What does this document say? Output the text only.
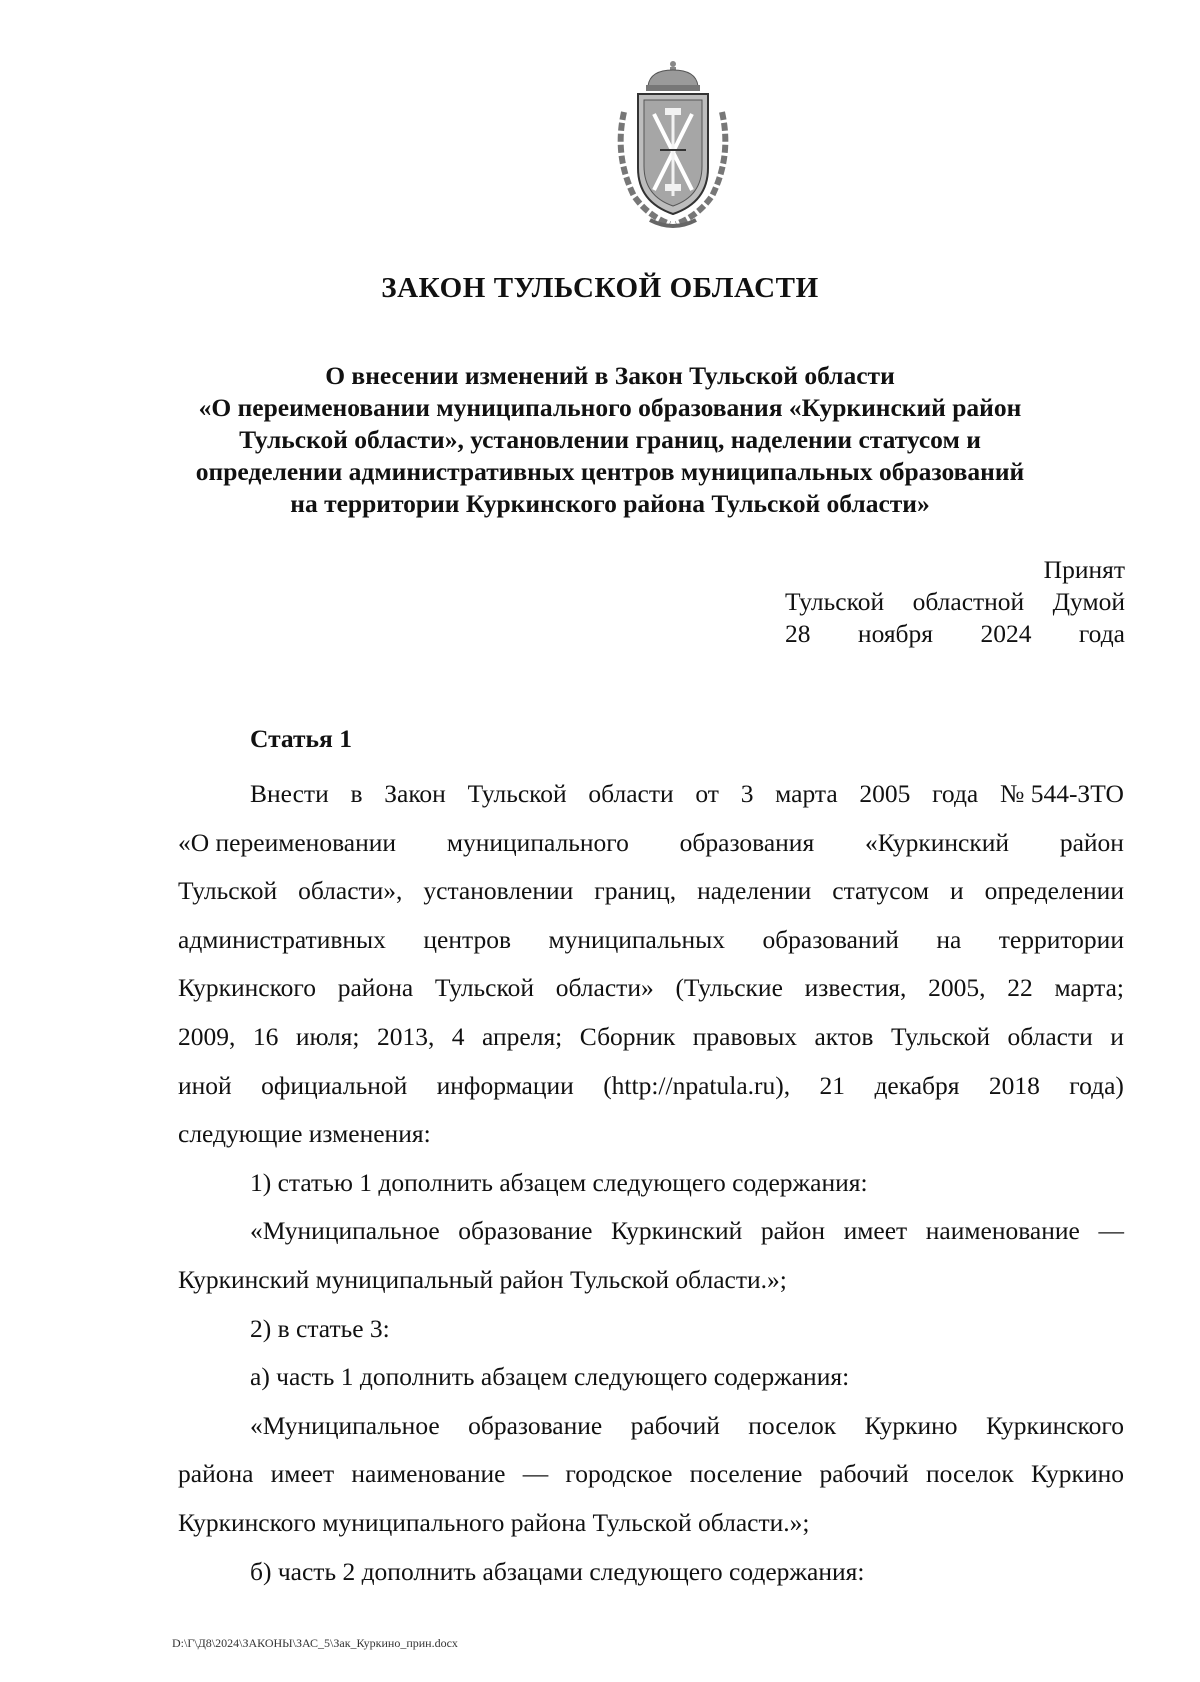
ЗАКОН ТУЛЬСКОЙ ОБЛАСТИ
О внесении изменений в Закон Тульской области
«О переименовании муниципального образования «Куркинский район
Тульской области», установлении границ, наделении статусом и
определении административных центров муниципальных образований
на территории Куркинского района Тульской области»
Принят
Тульской областной Думой
28 ноября 2024 года
Статья 1
Внести в Закон Тульской области от 3 марта 2005 года № 544-ЗТО
«О переименовании муниципального образования «Куркинский район
Тульской области», установлении границ, наделении статусом и определении
административных центров муниципальных образований на территории
Куркинского района Тульской области» (Тульские известия, 2005, 22 марта;
2009, 16 июля; 2013, 4 апреля; Сборник правовых актов Тульской области и
иной официальной информации (http://npatula.ru), 21 декабря 2018 года)
следующие изменения:
1) статью 1 дополнить абзацем следующего содержания:
«Муниципальное образование Куркинский район имеет наименование —
Куркинский муниципальный район Тульской области.»;
2) в статье 3:
а) часть 1 дополнить абзацем следующего содержания:
«Муниципальное образование рабочий поселок Куркино Куркинского
района имеет наименование — городское поселение рабочий поселок Куркино
Куркинского муниципального района Тульской области.»;
б) часть 2 дополнить абзацами следующего содержания:
D:\Г\Д8\2024\ЗАКОНЫ\ЗАС_5\Зак_Куркино_прин.docx
